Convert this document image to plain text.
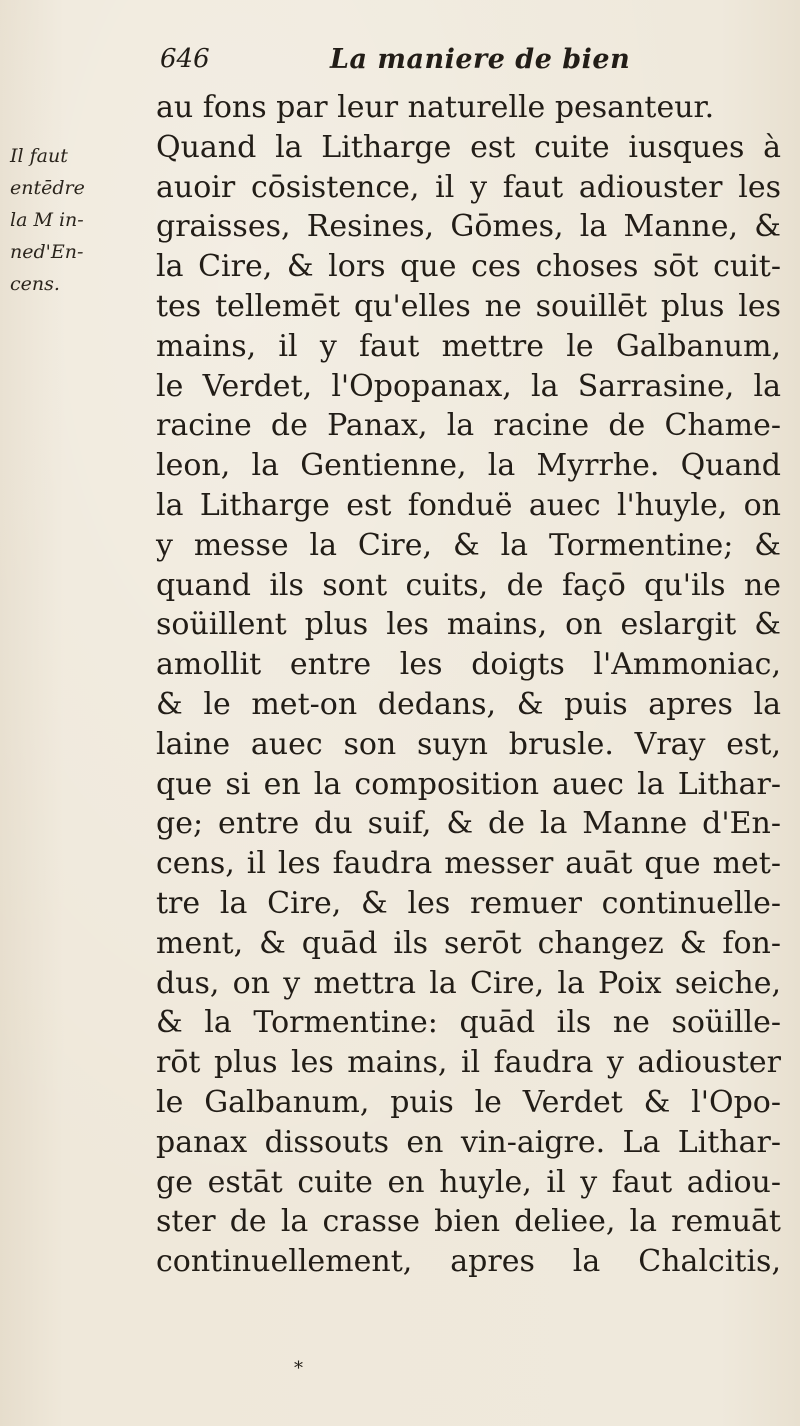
646	La maniere de bien
Il faut
entēdre
la M in-
ned'En-
cens.
au fons par leur naturelle pesanteur.
Quand la Litharge est cuite iusques à
auoir cōsistence, il y faut adiouster les
graisses, Resines, Gōmes, la Manne, &
la Cire, & lors que ces choses sōt cuit-
tes tellemēt qu'elles ne souillēt plus les
mains, il y faut mettre le Galbanum,
le Verdet, l'Opopanax, la Sarrasine, la
racine de Panax, la racine de Chame-
leon, la Gentienne, la Myrrhe. Quand
la Litharge est fonduë auec l'huyle, on
y messe la Cire, & la Tormentine; &
quand ils sont cuits, de façō qu'ils ne
soüillent plus les mains, on eslargit &
amollit entre les doigts l'Ammoniac,
& le met-on dedans, & puis apres la
laine auec son suyn brusle. Vray est,
que si en la composition auec la Lithar-
ge; entre du suif, & de la Manne d'En-
cens, il les faudra messer auāt que met-
tre la Cire, & les remuer continuelle-
ment, & quād ils serōt changez & fon-
dus, on y mettra la Cire, la Poix seiche,
& la Tormentine: quād ils ne soüille-
rōt plus les mains, il faudra y adiouster
le Galbanum, puis le Verdet & l'Opo-
panax dissouts en vin-aigre. La Lithar-
ge estāt cuite en huyle, il y faut adiou-
ster de la crasse bien deliee, la remuāt
continuellement, apres la Chalcitis,
*
